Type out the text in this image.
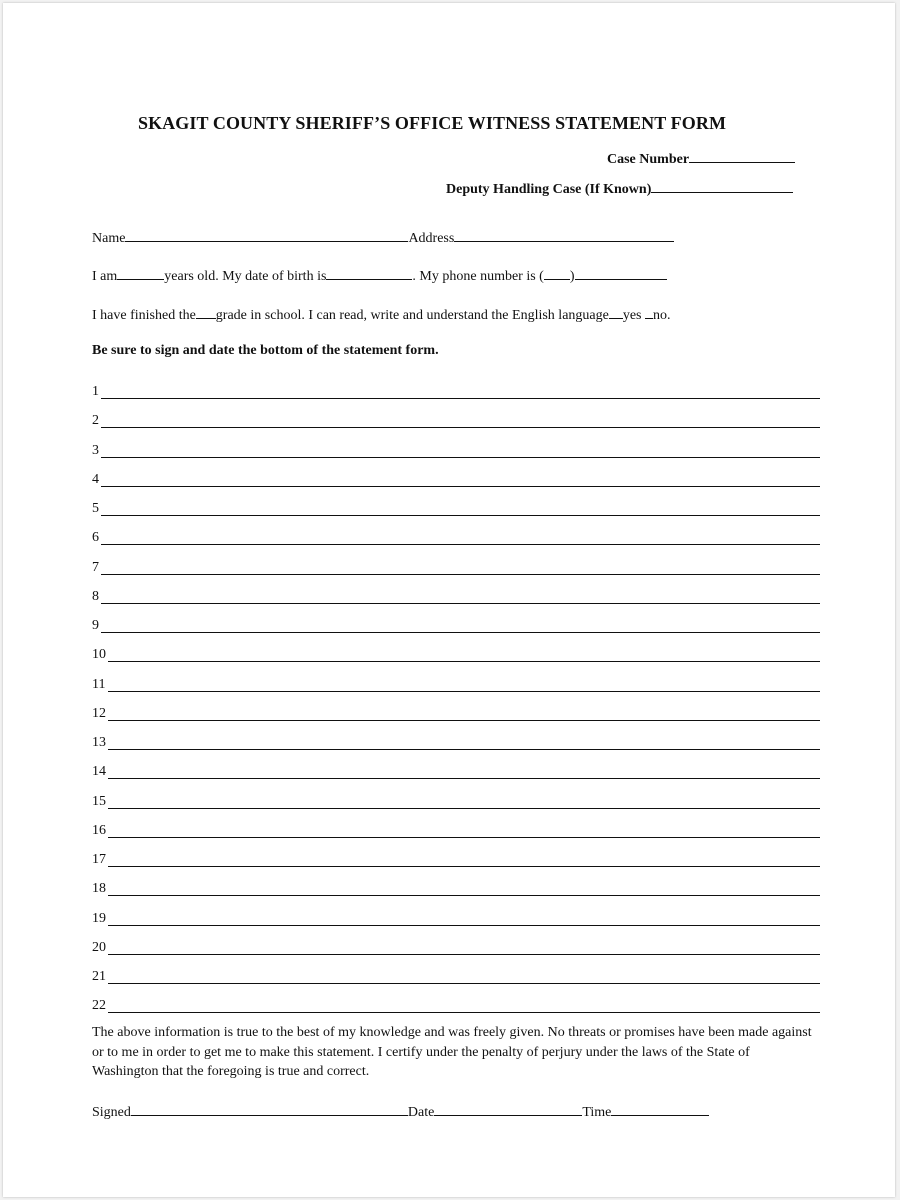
SKAGIT COUNTY SHERIFF’S OFFICE WITNESS STATEMENT FORM
Case Number
Deputy Handling Case (If Known)
Name	Address
I am	years old. My date of birth is	. My phone number is ( )
I have finished the grade in school. I can read, write and understand the English language yes no.
Be sure to sign and date the bottom of the statement form.
1
2
3
4
5
6
7
8
9
10
11
12
13
14
15
16
17
18
19
20
21
22
The above information is true to the best of my knowledge and was freely given. No threats or promises have been made against or to me in order to get me to make this statement. I certify under the penalty of perjury under the laws of the State of Washington that the foregoing is true and correct.
Signed	Date	Time
